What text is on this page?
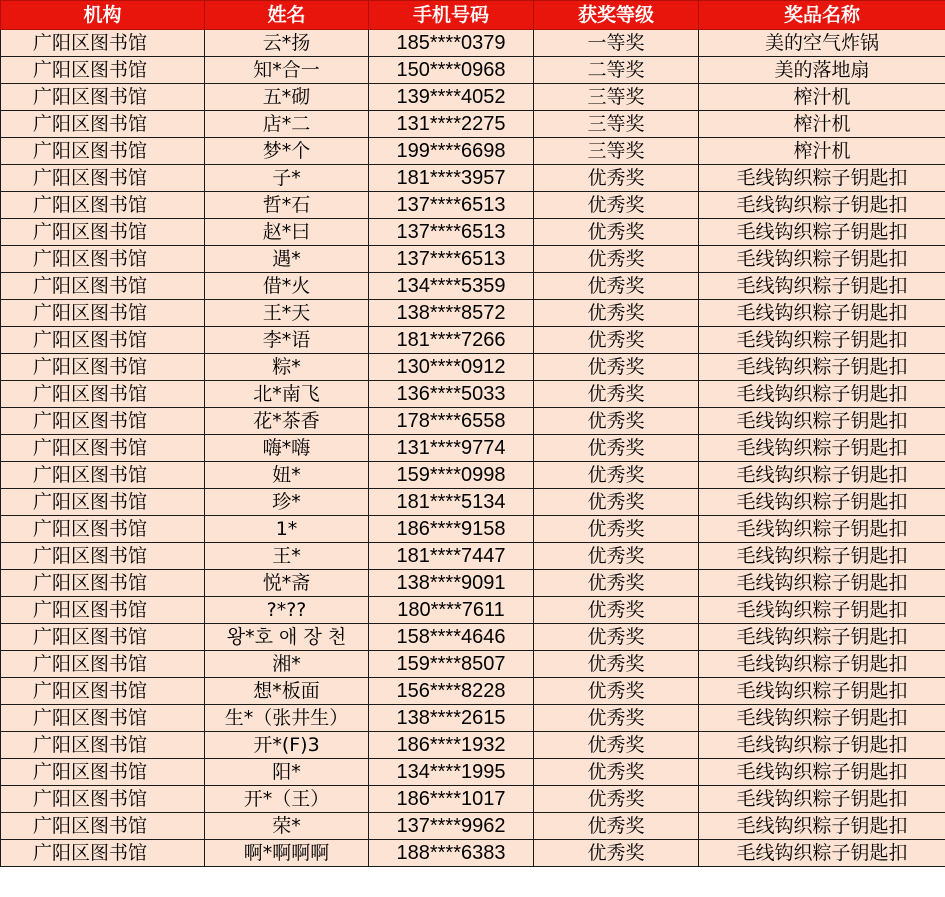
机构	姓名	手机号码	获奖等级	奖品名称
广阳区图书馆	云*扬	185****0379	一等奖	美的空气炸锅
广阳区图书馆	知*合一	150****0968	二等奖	美的落地扇
广阳区图书馆	五*砌	139****4052	三等奖	榨汁机
广阳区图书馆	店*二	131****2275	三等奖	榨汁机
广阳区图书馆	梦*个	199****6698	三等奖	榨汁机
广阳区图书馆	子*	181****3957	优秀奖	毛线钩织粽子钥匙扣
广阳区图书馆	哲*石	137****6513	优秀奖	毛线钩织粽子钥匙扣
广阳区图书馆	赵*曰	137****6513	优秀奖	毛线钩织粽子钥匙扣
广阳区图书馆	遇*	137****6513	优秀奖	毛线钩织粽子钥匙扣
广阳区图书馆	借*火	134****5359	优秀奖	毛线钩织粽子钥匙扣
广阳区图书馆	王*天	138****8572	优秀奖	毛线钩织粽子钥匙扣
广阳区图书馆	李*语	181****7266	优秀奖	毛线钩织粽子钥匙扣
广阳区图书馆	粽*	130****0912	优秀奖	毛线钩织粽子钥匙扣
广阳区图书馆	北*南飞	136****5033	优秀奖	毛线钩织粽子钥匙扣
广阳区图书馆	花*茶香	178****6558	优秀奖	毛线钩织粽子钥匙扣
广阳区图书馆	嗨*嗨	131****9774	优秀奖	毛线钩织粽子钥匙扣
广阳区图书馆	妞*	159****0998	优秀奖	毛线钩织粽子钥匙扣
广阳区图书馆	珍*	181****5134	优秀奖	毛线钩织粽子钥匙扣
广阳区图书馆	1*	186****9158	优秀奖	毛线钩织粽子钥匙扣
广阳区图书馆	王*	181****7447	优秀奖	毛线钩织粽子钥匙扣
广阳区图书馆	悦*斋	138****9091	优秀奖	毛线钩织粽子钥匙扣
广阳区图书馆	?*??	180****7611	优秀奖	毛线钩织粽子钥匙扣
广阳区图书馆	왕*호 애 장 천	158****4646	优秀奖	毛线钩织粽子钥匙扣
广阳区图书馆	湘*	159****8507	优秀奖	毛线钩织粽子钥匙扣
广阳区图书馆	想*板面	156****8228	优秀奖	毛线钩织粽子钥匙扣
广阳区图书馆	生*（张井生）	138****2615	优秀奖	毛线钩织粽子钥匙扣
广阳区图书馆	开*(F)3	186****1932	优秀奖	毛线钩织粽子钥匙扣
广阳区图书馆	阳*	134****1995	优秀奖	毛线钩织粽子钥匙扣
广阳区图书馆	开*（王）	186****1017	优秀奖	毛线钩织粽子钥匙扣
广阳区图书馆	荣*	137****9962	优秀奖	毛线钩织粽子钥匙扣
广阳区图书馆	啊*啊啊啊	188****6383	优秀奖	毛线钩织粽子钥匙扣
